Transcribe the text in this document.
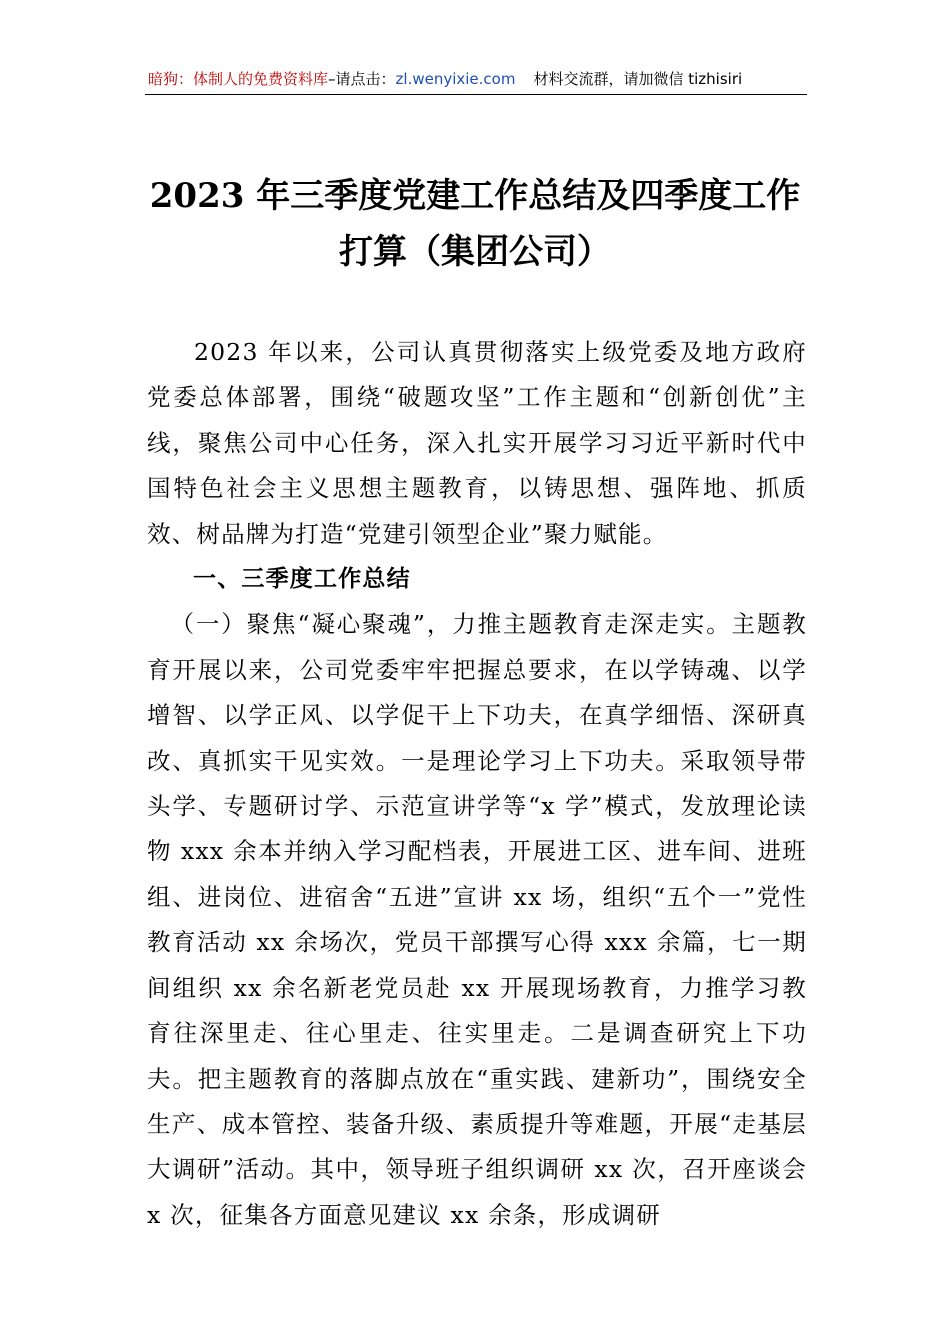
暗狗：体制人的免费资料库–请点击：zl.wenyixie.com 材料交流群，请加微信 tizhisiri
2023 年三季度党建工作总结及四季度工作
打算（集团公司）

2023 年以来，公司认真贯彻落实上级党委及地方政府党委总体部署，围绕“破题攻坚”工作主题和“创新创优”主线，聚焦公司中心任务，深入扎实开展学习习近平新时代中国特色社会主义思想主题教育，以铸思想、强阵地、抓质效、树品牌为打造“党建引领型企业”聚力赋能。

一、三季度工作总结

（一）聚焦“凝心聚魂”，力推主题教育走深走实。主题教育开展以来，公司党委牢牢把握总要求，在以学铸魂、以学增智、以学正风、以学促干上下功夫，在真学细悟、深研真改、真抓实干见实效。一是理论学习上下功夫。采取领导带头学、专题研讨学、示范宣讲学等“x 学”模式，发放理论读物 xxx 余本并纳入学习配档表，开展进工区、进车间、进班组、进岗位、进宿舍“五进”宣讲 xx 场，组织“五个一”党性教育活动 xx 余场次，党员干部撰写心得 xxx 余篇，七一期间组织 xx 余名新老党员赴 xx 开展现场教育，力推学习教育往深里走、往心里走、往实里走。二是调查研究上下功夫。把主题教育的落脚点放在“重实践、建新功”，围绕安全生产、成本管控、装备升级、素质提升等难题，开展“走基层大调研”活动。其中，领导班子组织调研 xx 次，召开座谈会 x 次，征集各方面意见建议 xx 余条，形成调研
